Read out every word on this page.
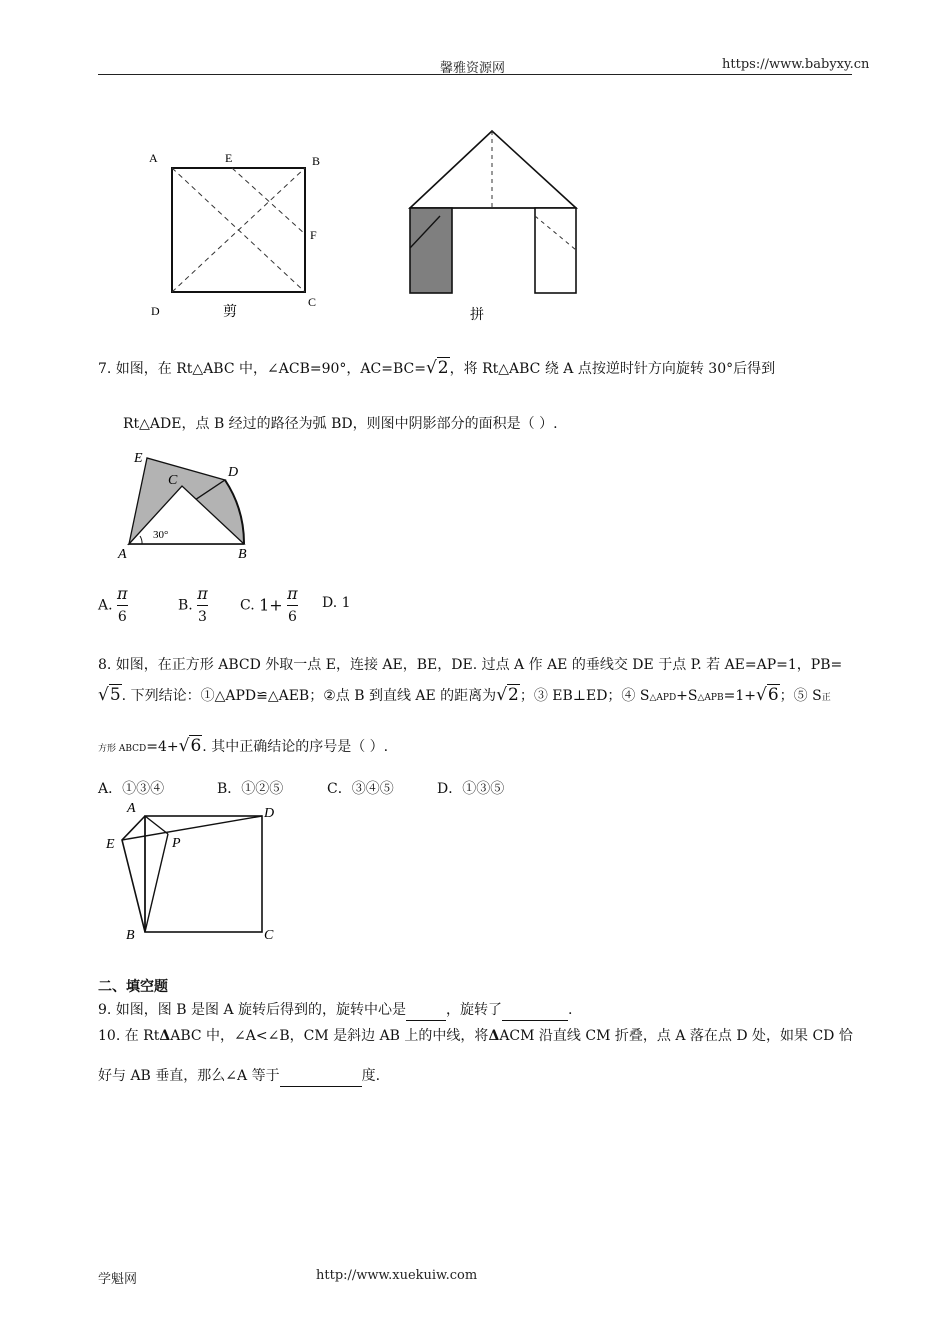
馨雅资源网	https://www.babyxy.cn
A	E	B
F
D
C
剪	拼
7. 如图，在 Rt△ABC 中，∠ACB=90°，AC=BC=√2，将 Rt△ABC 绕 A 点按逆时针方向旋转 30°后得到
Rt△ADE，点 B 经过的路径为弧 BD，则图中阴影部分的面积是（ ）.
E
C
D
A	B
30°
A. $\frac{\pi}{6}$	B. $\frac{\pi}{3} C$. $1+ \frac{\pi}{6} D$. 1
8. 如图，在正方形 ABCD 外取一点 E，连接 AE，BE，DE. 过点 A 作 AE 的垂线交 DE 于点 P. 若 AE=AP=1，PB=
√5. 下列结论：①△APD≌△AEB；②点 B 到直线 AE 的距离为√2；③ EB⊥ED；④ S△APD+S△APB=1+√6；⑤ S正
方形 ABCD=4+√6. 其中正确结论的序号是（ ）.
A．①③④	B．①②⑤	C．③④⑤	D．①③⑤
A	D
E	P
B	C
二、填空题
9. 如图，图 B 是图 A 旋转后得到的，旋转中心是	，旋转了	.
10. 在 RtΔABC 中，∠A<∠B，CM 是斜边 AB 上的中线，将ΔACM 沿直线 CM 折叠，点 A 落在点 D 处，如果 CD 恰
好与 AB 垂直，那么∠A 等于	度.
学魁网	http://www.xuekuiw.com
